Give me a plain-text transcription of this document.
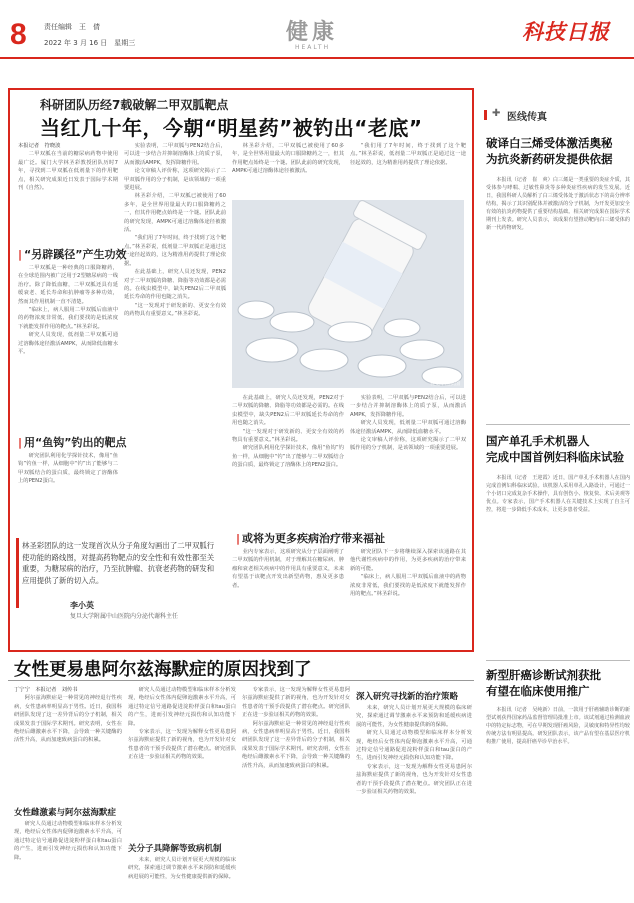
8 责任编辑　王　倩
2022 年 3 月 16 日　星期三	健康
HEALTH
科技日报
科研团队历经7载破解二甲双胍靶点
当红几十年，今朝“明星药”被钓出“老底”

本报记者　符晓波

二甲双胍在当前的糖尿病药物中使用最广泛。厦门大学林圣彩教授团队历时7年，寻找到二甲双胍在低剂量下的作用靶点，相关研究成果近日发表于国际学术期刊《自然》。

| “另辟蹊径”产生功效

二甲双胍是一种经典的口服降糖药，在全球范围内被广泛用于2型糖尿病的一线治疗。除了降低血糖，二甲双胍还具有延缓衰老、延长寿命和抗肿瘤等多种功效，然而其作用机制一直不清楚。

“临床上，病人服用二甲双胍后血液中的药物浓度非常低，我们要找的是低浓度下就能发挥作用的靶点。”林圣彩说。

研究人员发现，低剂量二甲双胍可通过溶酶体途径激活AMPK，从而降低血糖水平。

| 用“鱼钩”钓出的靶点

研究团队利用化学探针技术，像用“鱼钩”钓鱼一样，从细胞中“钓”出了能够与二甲双胍结合的蛋白质，最终锁定了溶酶体上的PEN2蛋白。

实验表明，二甲双胍与PEN2结合后，可以进一步结合并抑制溶酶体上的质子泵，从而激活AMPK，发挥降糖作用。

论文审稿人评价称，这项研究揭示了二甲双胍作用的分子机制，是该领域的一项重要进展。

林圣彩介绍，二甲双胍已被使用了60多年，是全世界用量最大的口服降糖药之一，但其作用靶点始终是一个谜。团队此前的研究发现，AMPK可通过溶酶体途径被激活。

“我们用了7年时间，终于找到了这个靶点。”林圣彩说，低剂量二甲双胍正是通过这一途径起效的，这为精准用药提供了理论依据。

在此基础上，研究人员还发现，PEN2对于二甲双胍的降糖、降脂等功效都是必需的。在线虫模型中，缺失PEN2后二甲双胍延长寿命的作用也随之消失。

“这一发现对于研发新的、更安全有效的药物具有重要意义。”林圣彩说。

林圣彩介绍，二甲双胍已被使用了60多年，是全世界用量最大的口服降糖药之一，但其作用靶点始终是一个谜。团队此前的研究发现，AMPK可通过溶酶体途径被激活。

“我们用了7年时间，终于找到了这个靶点。”林圣彩说，低剂量二甲双胍正是通过这一途径起效的，这为精准用药提供了理论依据。

视觉中国供图

在此基础上，研究人员还发现，PEN2对于二甲双胍的降糖、降脂等功效都是必需的。在线虫模型中，缺失PEN2后二甲双胍延长寿命的作用也随之消失。

“这一发现对于研发新的、更安全有效的药物具有重要意义。”林圣彩说。

研究团队利用化学探针技术，像用“鱼钩”钓鱼一样，从细胞中“钓”出了能够与二甲双胍结合的蛋白质，最终锁定了溶酶体上的PEN2蛋白。

实验表明，二甲双胍与PEN2结合后，可以进一步结合并抑制溶酶体上的质子泵，从而激活AMPK，发挥降糖作用。

研究人员发现，低剂量二甲双胍可通过溶酶体途径激活AMPK，从而降低血糖水平。

论文审稿人评价称，这项研究揭示了二甲双胍作用的分子机制，是该领域的一项重要进展。

| 或将为更多疾病治疗带来福祉

业内专家表示，这项研究从分子层面阐明了二甲双胍的作用机制，对于理解其在糖尿病、肿瘤和衰老相关疾病中的作用具有重要意义，未来有望基于该靶点开发出新型药物，惠及更多患者。

研究团队下一步将继续深入探索该通路在其他代谢性疾病中的作用，为更多疾病的治疗带来新的可能。

“临床上，病人服用二甲双胍后血液中的药物浓度非常低，我们要找的是低浓度下就能发挥作用的靶点。”林圣彩说。

林圣彩团队的这一发现首次从分子角度勾画出了二甲双胍行使功能的路线图，对提高药物靶点的安全性和有效性都至关重要，为糖尿病的治疗，乃至抗肿瘤、抗衰老药物的研发和应用提供了新的切入点。
李小英
复旦大学附属中山医院内分泌代谢科主任
✚ 医线传真
破译白三烯受体激活奥秘
为抗炎新药研发提供依据

本报讯（记者　崔　爽）白三烯是一类重要的炎症介质，其受体参与哮喘、过敏性鼻炎等多种炎症性疾病的发生发展。近日，我国科研人员解析了白三烯受体处于激活状态下的高分辨率结构，揭示了其识别配体并被激活的分子机制，为开发更加安全有效的抗炎药物提供了重要结构基础。相关研究成果在国际学术期刊上发表。研究人员表示，该成果有望推动靶向白三烯受体的新一代药物研发。

国产单孔手术机器人
完成中国首例妇科临床试验

本报讯（记者　王迎霞）近日，国产单孔手术机器人在国内完成首例妇科临床试验。该机器人采用单孔入路设计，可通过一个小切口完成复杂手术操作，具有创伤小、恢复快、术后美观等优点。专家表示，国产手术机器人在关键技术上实现了自主可控，将进一步降低手术成本，让更多患者受益。

新型肝癌诊断试剂获批
有望在临床使用推广

本报讯（记者　吴纯新）日前，一款用于肝癌辅助诊断的新型试剂获得国家药品监督管理局批准上市。该试剂通过检测血液中的特定标志物，可在早期发现肝癌风险，灵敏度和特异性均较传统方法有明显提高。研发团队表示，该产品有望在基层医疗机构推广使用，提高肝癌早诊早治水平。

女性更易患阿尔兹海默症的原因找到了

丁宁宁　本报记者　刘传书

阿尔兹海默症是一种常见的神经退行性疾病，女性患病率明显高于男性。近日，我国科研团队发现了这一差异背后的分子机制，相关成果发表于国际学术期刊。研究表明，女性在绝经后雌激素水平下降，会导致一种关键酶的活性升高，从而加速致病蛋白的积累。

女性雌激素与阿尔兹海默症

研究人员通过动物模型和临床样本分析发现，绝经后女性体内促卵泡激素水平升高，可通过特定信号通路促进淀粉样蛋白和tau蛋白的产生，进而引发神经元损伤和认知功能下降。

研究人员通过动物模型和临床样本分析发现，绝经后女性体内促卵泡激素水平升高，可通过特定信号通路促进淀粉样蛋白和tau蛋白的产生，进而引发神经元损伤和认知功能下降。

专家表示，这一发现为解释女性更易患阿尔兹海默症提供了新的视角，也为开发针对女性患者的干预手段提供了潜在靶点。研究团队正在进一步验证相关药物的效果。

关分子具降解等致病机制

未来，研究人员计划开展更大规模的临床研究，探索通过调节激素水平来预防和延缓疾病进展的可能性，为女性健康提供新的保障。

专家表示，这一发现为解释女性更易患阿尔兹海默症提供了新的视角，也为开发针对女性患者的干预手段提供了潜在靶点。研究团队正在进一步验证相关药物的效果。

阿尔兹海默症是一种常见的神经退行性疾病，女性患病率明显高于男性。近日，我国科研团队发现了这一差异背后的分子机制，相关成果发表于国际学术期刊。研究表明，女性在绝经后雌激素水平下降，会导致一种关键酶的活性升高，从而加速致病蛋白的积累。

深入研究寻找新的治疗策略

未来，研究人员计划开展更大规模的临床研究，探索通过调节激素水平来预防和延缓疾病进展的可能性，为女性健康提供新的保障。

研究人员通过动物模型和临床样本分析发现，绝经后女性体内促卵泡激素水平升高，可通过特定信号通路促进淀粉样蛋白和tau蛋白的产生，进而引发神经元损伤和认知功能下降。

专家表示，这一发现为解释女性更易患阿尔兹海默症提供了新的视角，也为开发针对女性患者的干预手段提供了潜在靶点。研究团队正在进一步验证相关药物的效果。
